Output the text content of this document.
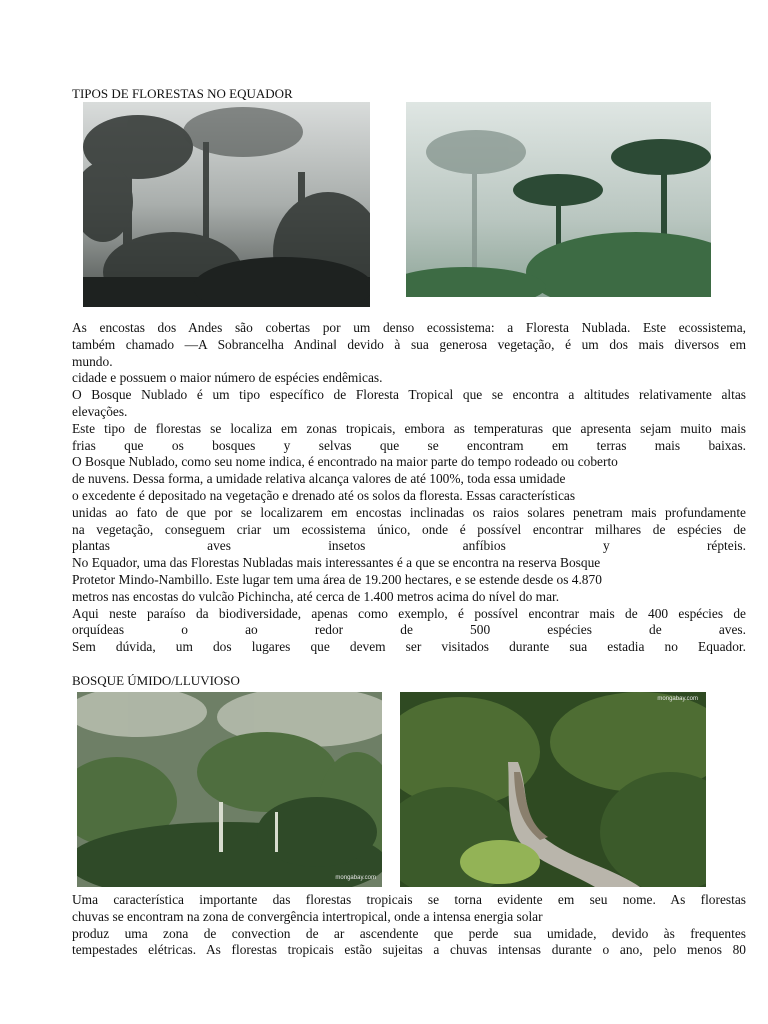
TIPOS DE FLORESTAS NO EQUADOR
As encostas dos Andes são cobertas por um denso ecossistema: a Floresta Nublada. Este ecossistema,
também chamado ―A Sobrancelha Andina‖ devido à sua generosa vegetação, é um dos mais diversos em
mundo.
cidade e possuem o maior número de espécies endêmicas.
O Bosque Nublado é um tipo específico de Floresta Tropical que se encontra a altitudes relativamente altas
elevações.
Este tipo de florestas se localiza em zonas tropicais, embora as temperaturas que apresenta sejam muito mais
frias que os bosques y selvas que se encontram em terras mais baixas.
O Bosque Nublado, como seu nome indica, é encontrado na maior parte do tempo rodeado ou coberto
de nuvens. Dessa forma, a umidade relativa alcança valores de até 100%, toda essa umidade
o excedente é depositado na vegetação e drenado até os solos da floresta. Essas características
unidas ao fato de que por se localizarem em encostas inclinadas os raios solares penetram mais profundamente
na vegetação, conseguem criar um ecossistema único, onde é possível encontrar milhares de espécies de
plantas aves insetos anfíbios y répteis.
No Equador, uma das Florestas Nubladas mais interessantes é a que se encontra na reserva Bosque
Protetor Mindo-Nambillo. Este lugar tem uma área de 19.200 hectares, e se estende desde os 4.870
metros nas encostas do vulcão Pichincha, até cerca de 1.400 metros acima do nível do mar.
Aqui neste paraíso da biodiversidade, apenas como exemplo, é possível encontrar mais de 400 espécies de
orquídeas o ao redor de 500 espécies de aves.
Sem dúvida, um dos lugares que devem ser visitados durante sua estadia no Equador.
BOSQUE ÚMIDO/LLUVIOSO
mongabay.com
mongabay.com
Uma característica importante das florestas tropicais se torna evidente em seu nome. As florestas
chuvas se encontram na zona de convergência intertropical, onde a intensa energia solar
produz uma zona de convection de ar ascendente que perde sua umidade, devido às frequentes
tempestades elétricas. As florestas tropicais estão sujeitas a chuvas intensas durante o ano, pelo menos 80
